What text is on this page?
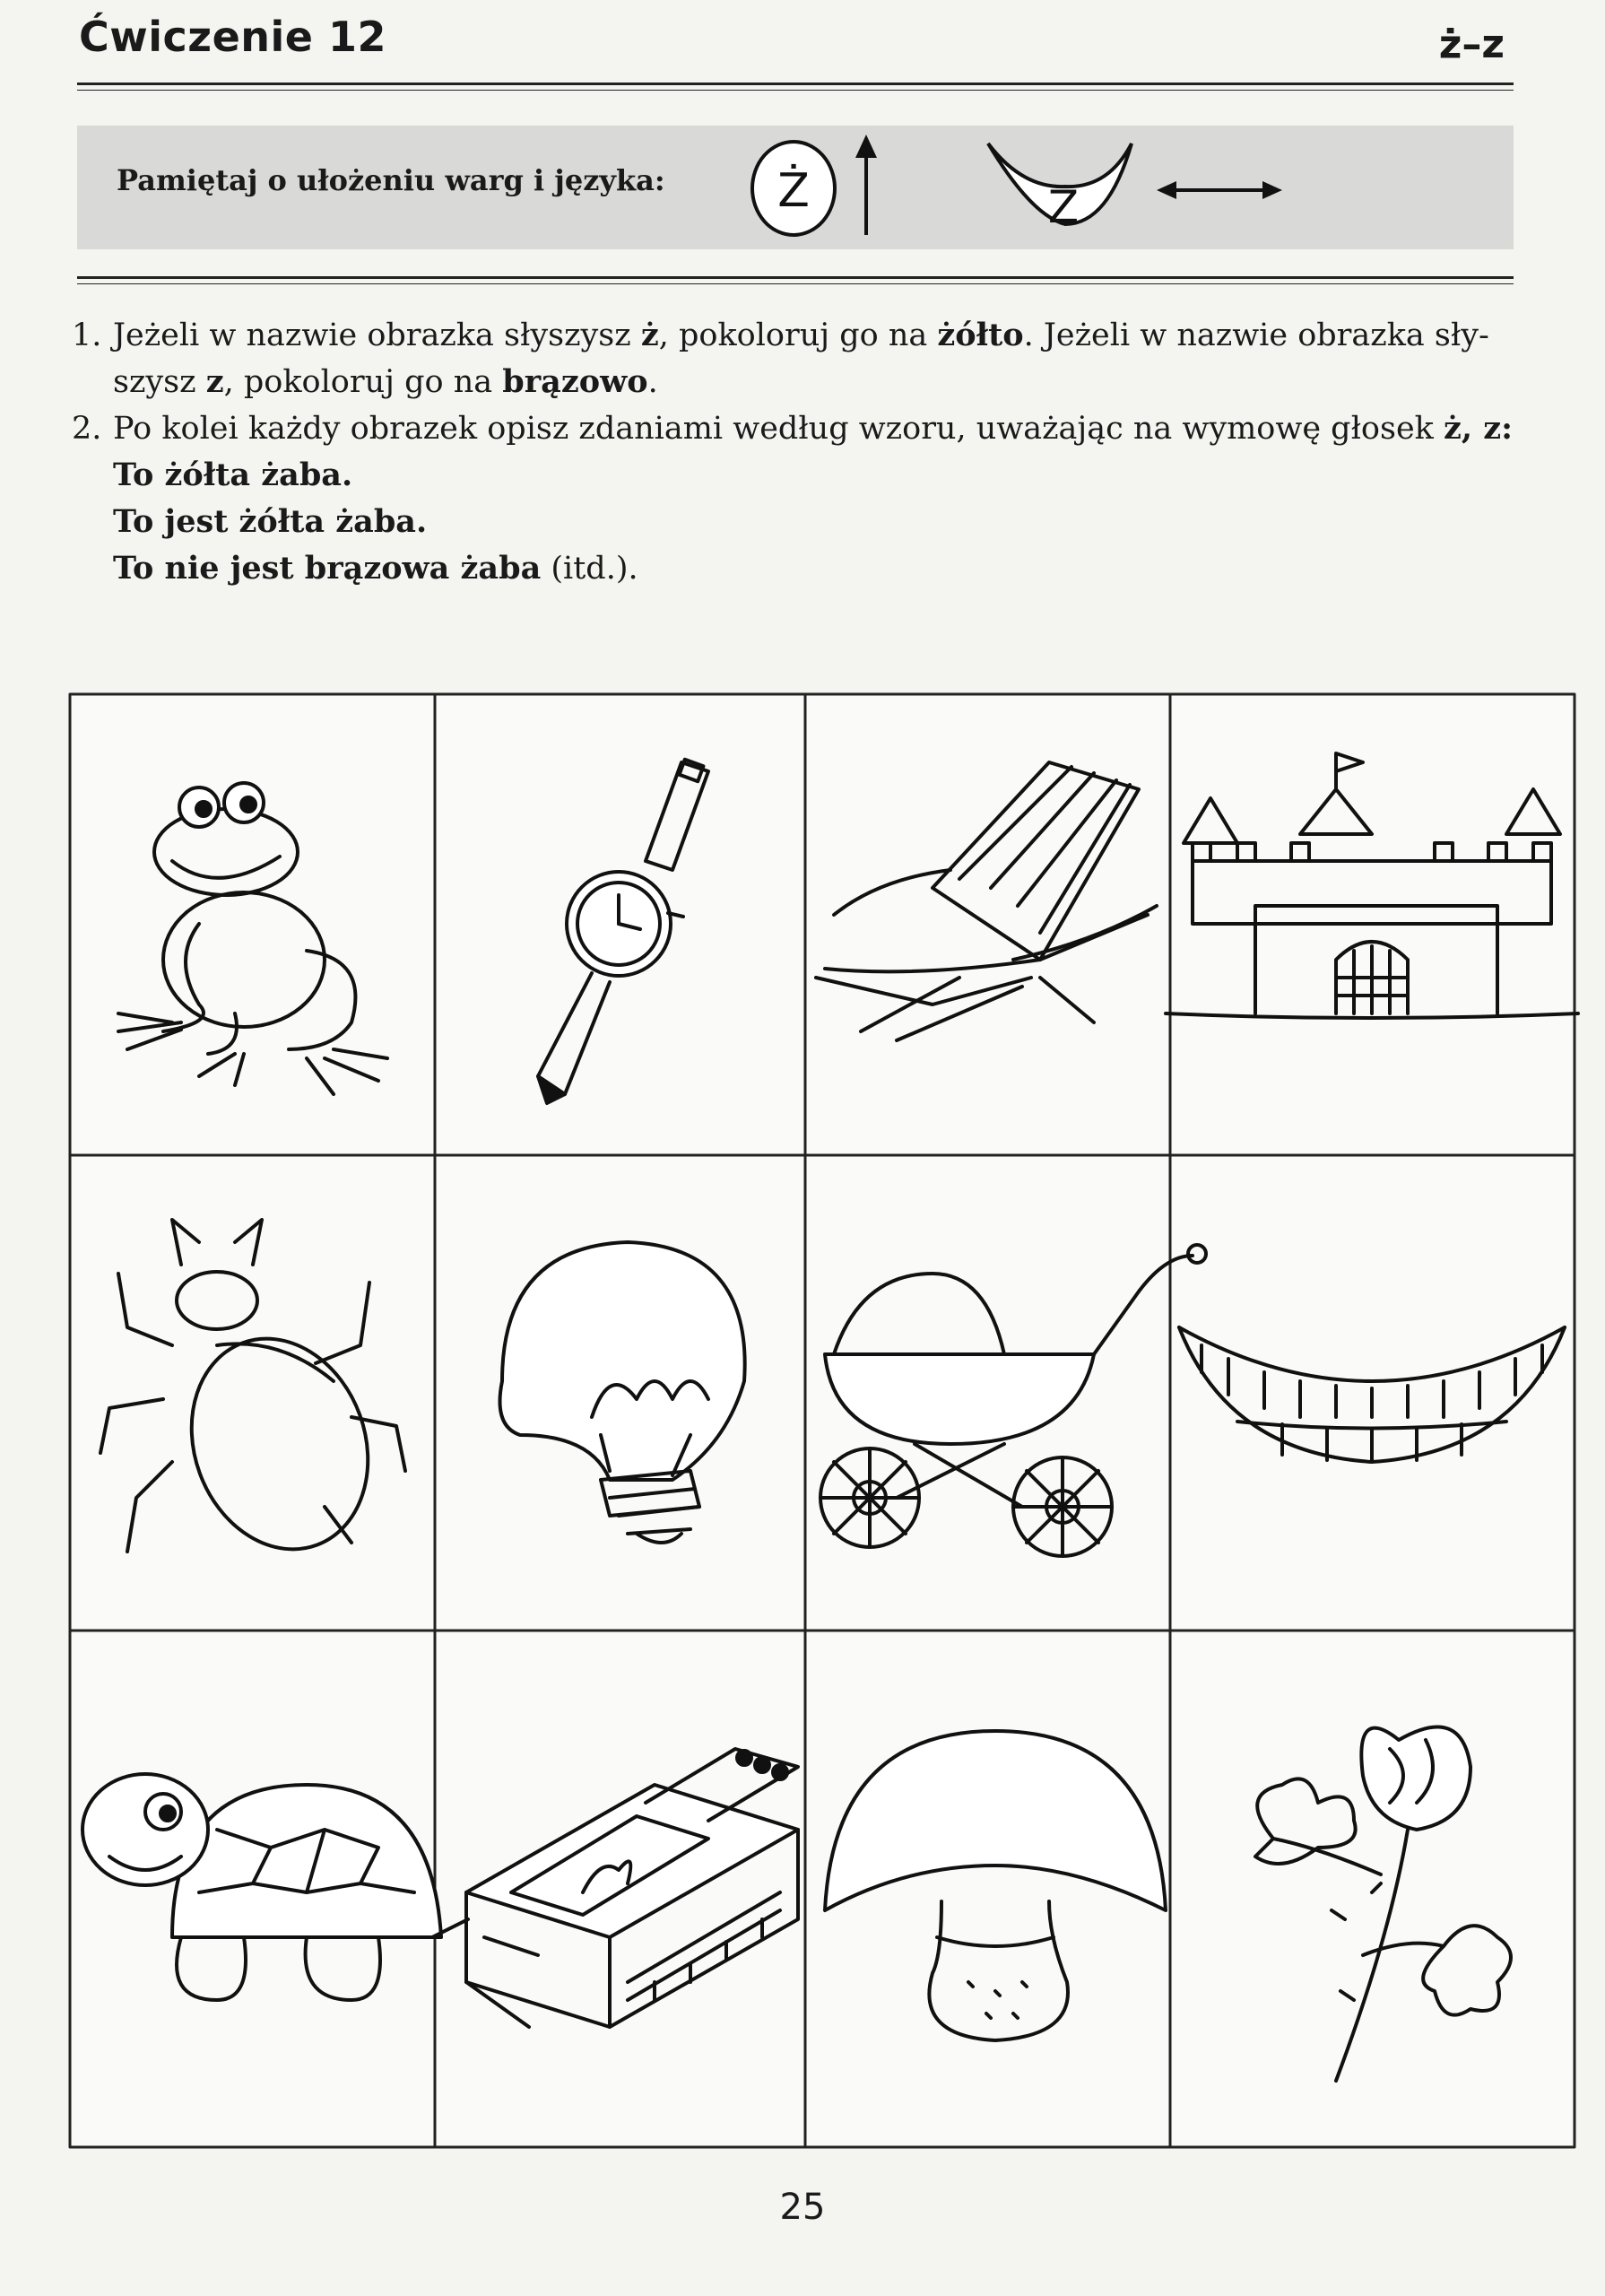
Ćwiczenie 12	ż–z
Pamiętaj o ułożeniu warg i języka: Ż	Z
1. Jeżeli w nazwie obrazka słyszysz ż, pokoloruj go na żółto. Jeżeli w nazwie obrazka sły-
szysz z, pokoloruj go na brązowo.
2. Po kolei każdy obrazek opisz zdaniami według wzoru, uważając na wymowę głosek ż, z:
To żółta żaba.
To jest żółta żaba.
To nie jest brązowa żaba (itd.).
25
